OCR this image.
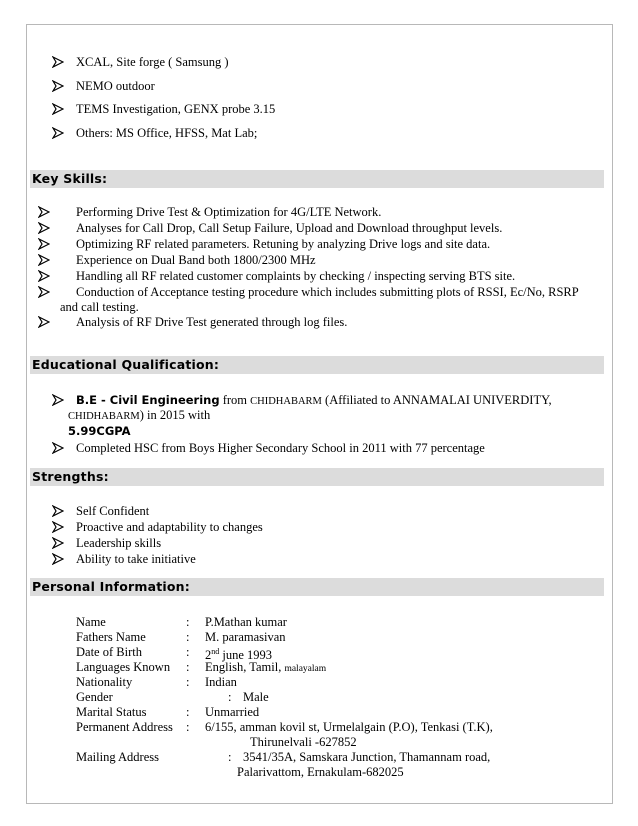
XCAL, Site forge ( Samsung )
NEMO outdoor
TEMS Investigation, GENX probe 3.15
Others: MS Office, HFSS, Mat Lab;
Key Skills:
Performing Drive Test & Optimization for 4G/LTE Network.
Analyses for Call Drop, Call Setup Failure, Upload and Download throughput levels.
Optimizing RF related parameters. Retuning by analyzing Drive logs and site data.
Experience on Dual Band both 1800/2300 MHz
Handling all RF related customer complaints by checking / inspecting serving BTS site.
Conduction of Acceptance testing procedure which includes submitting plots of RSSI, Ec/No, RSRP
and call testing.
Analysis of RF Drive Test generated through log files.
Educational Qualification:
B.E - Civil Engineering from CHIDHABARM (Affiliated to ANNAMALAI UNIVERDITY,
CHIDHABARM) in 2015 with
5.99CGPA
Completed HSC from Boys Higher Secondary School in 2011 with 77 percentage
Strengths:
Self Confident
Proactive and adaptability to changes
Leadership skills
Ability to take initiative
Personal Information:
Name	: P.Mathan kumar
Fathers Name	: M. paramasivan
Date of Birth	: 2nd june 1993
Languages Known : English, Tamil, malayalam
Nationality	: Indian
Gender	: Male
Marital Status	: Unmarried
Permanent Address : 6/155, amman kovil st, Urmelalgain (P.O), Tenkasi (T.K),
Thirunelvali -627852
Mailing Address	: 3541/35A, Samskara Junction, Thamannam road,
Palarivattom, Ernakulam-682025
